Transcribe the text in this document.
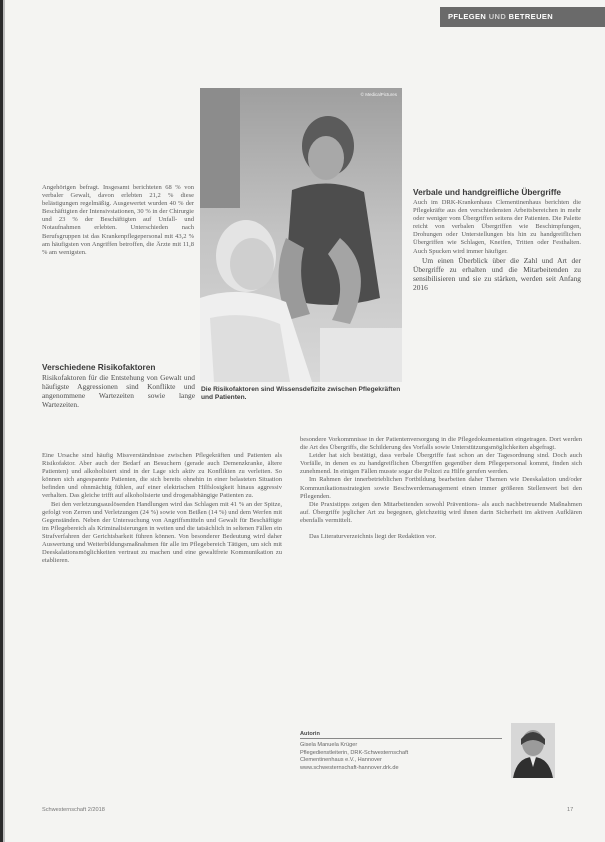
PFLEGEN UND BETREUEN
© MedicalPictures
Die Risikofaktoren sind Wissensdefizite zwischen Pflegekräften und Patienten.

Angehörigen befragt. Insgesamt berichteten 68 % von verbaler Gewalt, davon erlebten 21,2 % diese belästigungen regelmäßig. Ausgewertet wurden 40 % der Beschäftigten der Intensivstationen, 30 % in der Chirurgie und 23 % der Beschäftigten auf Unfall- und Notaufnahmen erlebten. Unterschieden nach Berufsgruppen ist das Krankenpflegepersonal mit 43,2 % am häufigsten von Angriffen betroffen, die Ärzte mit 11,8 % am wenigsten.

Verschiedene Risikofaktoren

Risikofaktoren für die Entstehung von Gewalt und häufigste Aggressionen sind Konflikte und angenommene Wartezeiten sowie lange Wartezeiten.

Eine Ursache sind häufig Missverständnisse zwischen Pflegekräften und Patienten als Risikofaktor. Aber auch der Bedarf an Besuchern (gerade auch Demenzkranke, ältere Patienten) und alkoholisiert sind in der Lage sich aktiv zu Konflikten zu verleiten. So können sich angespannte Patienten, die sich bereits ohnehin in einer belasteten Situation befinden und ohnmächtig fühlen, auf einer elektrischen Hilfslosigkeit hinaus aggressiv verhalten. Das gleiche trifft auf alkoholisierte und drogenabhängige Patienten zu.

Bei den verletzungsauslösenden Handlungen wird das Schlagen mit 41 % an der Spitze, gefolgt von Zerren und Verletzungen (24 %) sowie von Beißen (14 %) und dem Werfen mit Gegenständen. Neben der Untersuchung von Angriffsmitteln und Gewalt für Beschäftigte im Pflegebereich als Kriminalisierungen in weiten und die tatsächlich in seltenen Fällen ein Strafverfahren der Gerichtsbarkeit führen können. Von besonderer Bedeutung wird daher Auswertung und Weiterbildungsmaßnahmen für alle im Pflegebereich Tätigen, um sich mit Deeskalationsmöglichkeiten vertraut zu machen und eine gewaltfreie Kommunikation zu etablieren.

Verbale und handgreifliche Übergriffe

Auch im DRK-Krankenhaus Clementinenhaus berichten die Pflegekräfte aus den verschiedensten Arbeitsbereichen in mehr oder weniger vom Übergriffen seitens der Patienten. Die Palette reicht von verbalen Übergriffen wie Beschimpfungen, Drohungen oder Unterstellungen bis hin zu handgreiflichen Übergriffen wie Schlagen, Kneifen, Tritten oder Festhalten. Auch Spucken wird immer häufiger.

Um einen Überblick über die Zahl und Art der Übergriffe zu erhalten und die Mitarbeitenden zu sensibilisieren und sie zu stärken, werden seit Anfang 2016

besondere Vorkommnisse in der Patientenversorgung in die Pflegedokumentation eingetragen. Dort werden die Art des Übergriffs, die Schilderung des Vorfalls sowie Unterstützungsmöglichkeiten abgefragt.

Leider hat sich bestätigt, dass verbale Übergriffe fast schon an der Tagesordnung sind. Doch auch Vorfälle, in denen es zu handgreiflichen Übergriffen gegenüber dem Pflegepersonal kommt, finden sich zunehmend. In einigen Fällen musste sogar die Polizei zu Hilfe gerufen werden.

Im Rahmen der innerbetrieblichen Fortbildung bearbeiten daher Themen wie Deeskalation und/oder Kommunikationsstrategien sowie Beschwerdemanagement einen immer größeren Stellenwert bei den Pflegenden.

Die Praxistipps zeigen den Mitarbeitenden sowohl Präventions- als auch nachbetreuende Maßnahmen auf. Übergriffe jeglicher Art zu begegnen, gleichzeitig wird ihnen darin Sicherheit im aktiven Aufklären ebenfalls vermittelt.

Das Literaturverzeichnis liegt der Redaktion vor.

Autorin
Gisela Manuela Krüger
Pflegedienstleiterin, DRK-Schwesternschaft
Clementinenhaus e.V., Hannover
www.schwesternschaft-hannover.drk.de
Schwesternschaft 2/2018	17
